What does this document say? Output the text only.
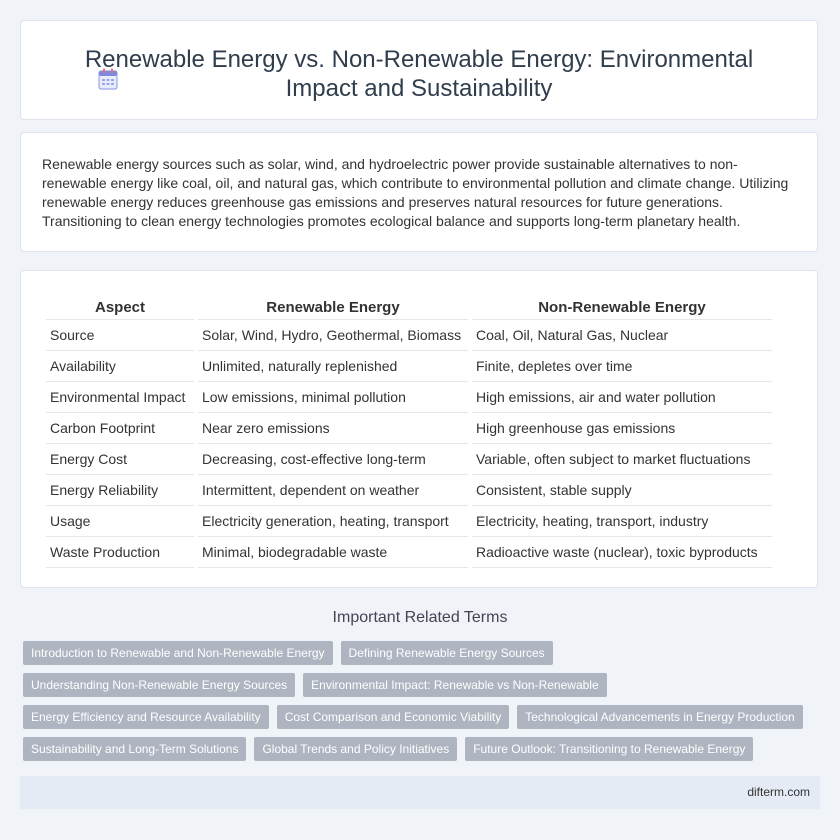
Renewable Energy vs. Non-Renewable Energy: Environmental
Impact and Sustainability
Renewable energy sources such as solar, wind, and hydroelectric power provide sustainable alternatives to non-renewable energy like coal, oil, and natural gas, which contribute to environmental pollution and climate change. Utilizing renewable energy reduces greenhouse gas emissions and preserves natural resources for future generations. Transitioning to clean energy technologies promotes ecological balance and supports long-term planetary health.
Aspect	Renewable Energy	Non-Renewable Energy
Source	Solar, Wind, Hydro, Geothermal, Biomass	Coal, Oil, Natural Gas, Nuclear
Availability	Unlimited, naturally replenished	Finite, depletes over time
Environmental Impact	Low emissions, minimal pollution	High emissions, air and water pollution
Carbon Footprint	Near zero emissions	High greenhouse gas emissions
Energy Cost	Decreasing, cost-effective long-term	Variable, often subject to market fluctuations
Energy Reliability	Intermittent, dependent on weather	Consistent, stable supply
Usage	Electricity generation, heating, transport	Electricity, heating, transport, industry
Waste Production	Minimal, biodegradable waste	Radioactive waste (nuclear), toxic byproducts
Important Related Terms
Introduction to Renewable and Non-Renewable Energy	Defining Renewable Energy Sources
Understanding Non-Renewable Energy Sources	Environmental Impact: Renewable vs Non-Renewable
Energy Efficiency and Resource Availability	Cost Comparison and Economic Viability	Technological Advancements in Energy Production
Sustainability and Long-Term Solutions	Global Trends and Policy Initiatives	Future Outlook: Transitioning to Renewable Energy
difterm.com
